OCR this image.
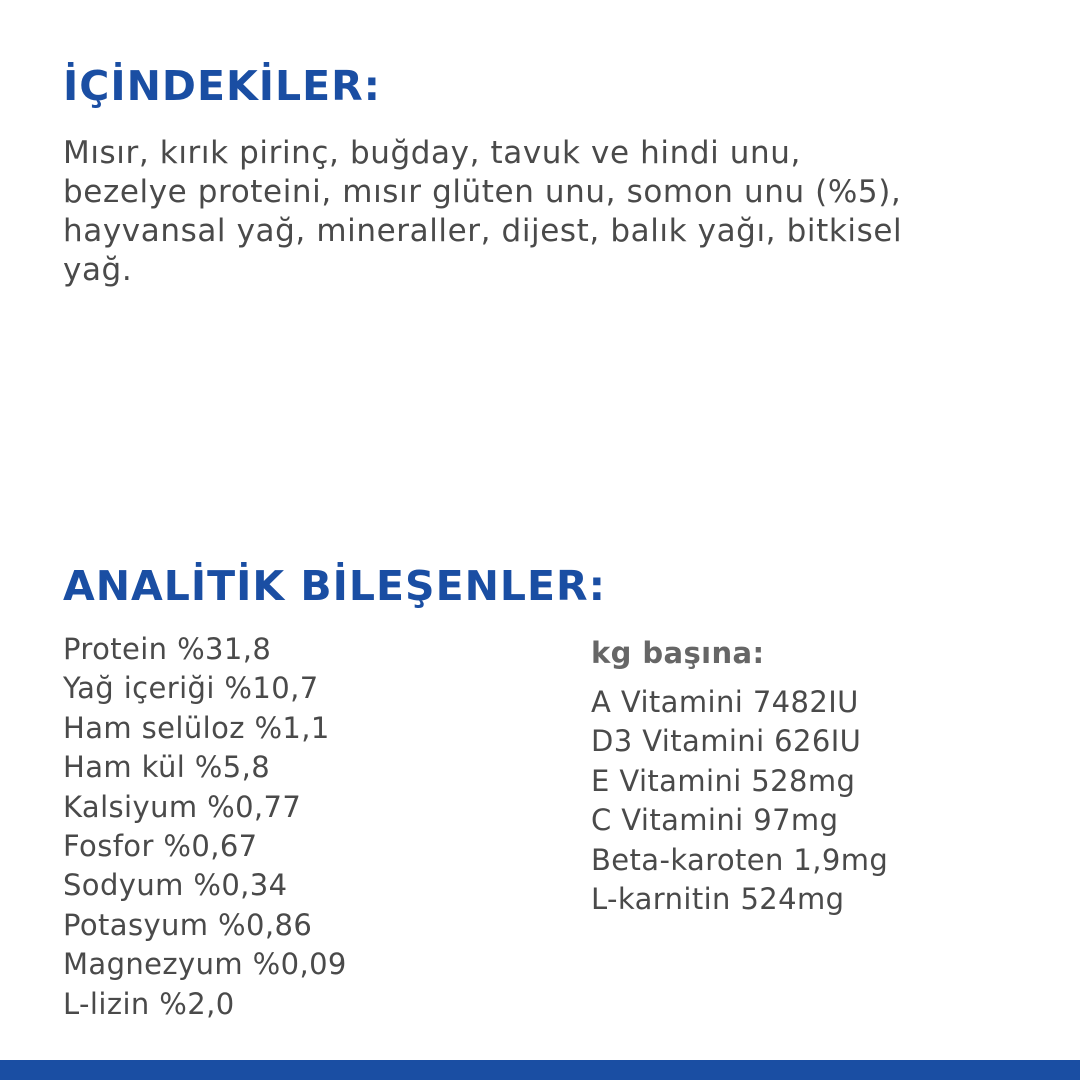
İÇİNDEKİLER:

Mısır, kırık pirinç, buğday, tavuk ve hindi unu,
bezelye proteini, mısır glüten unu, somon unu (%5),
hayvansal yağ, mineraller, dijest, balık yağı, bitkisel
yağ.

ANALİTİK BİLEŞENLER:
Protein %31,8
Yağ içeriği %10,7
Ham selüloz %1,1
Ham kül %5,8
Kalsiyum %0,77
Fosfor %0,67
Sodyum %0,34
Potasyum %0,86
Magnezyum %0,09
L-lizin %2,0
kg başına:
A Vitamini 7482IU
D3 Vitamini 626IU
E Vitamini 528mg
C Vitamini 97mg
Beta-karoten 1,9mg
L-karnitin 524mg
